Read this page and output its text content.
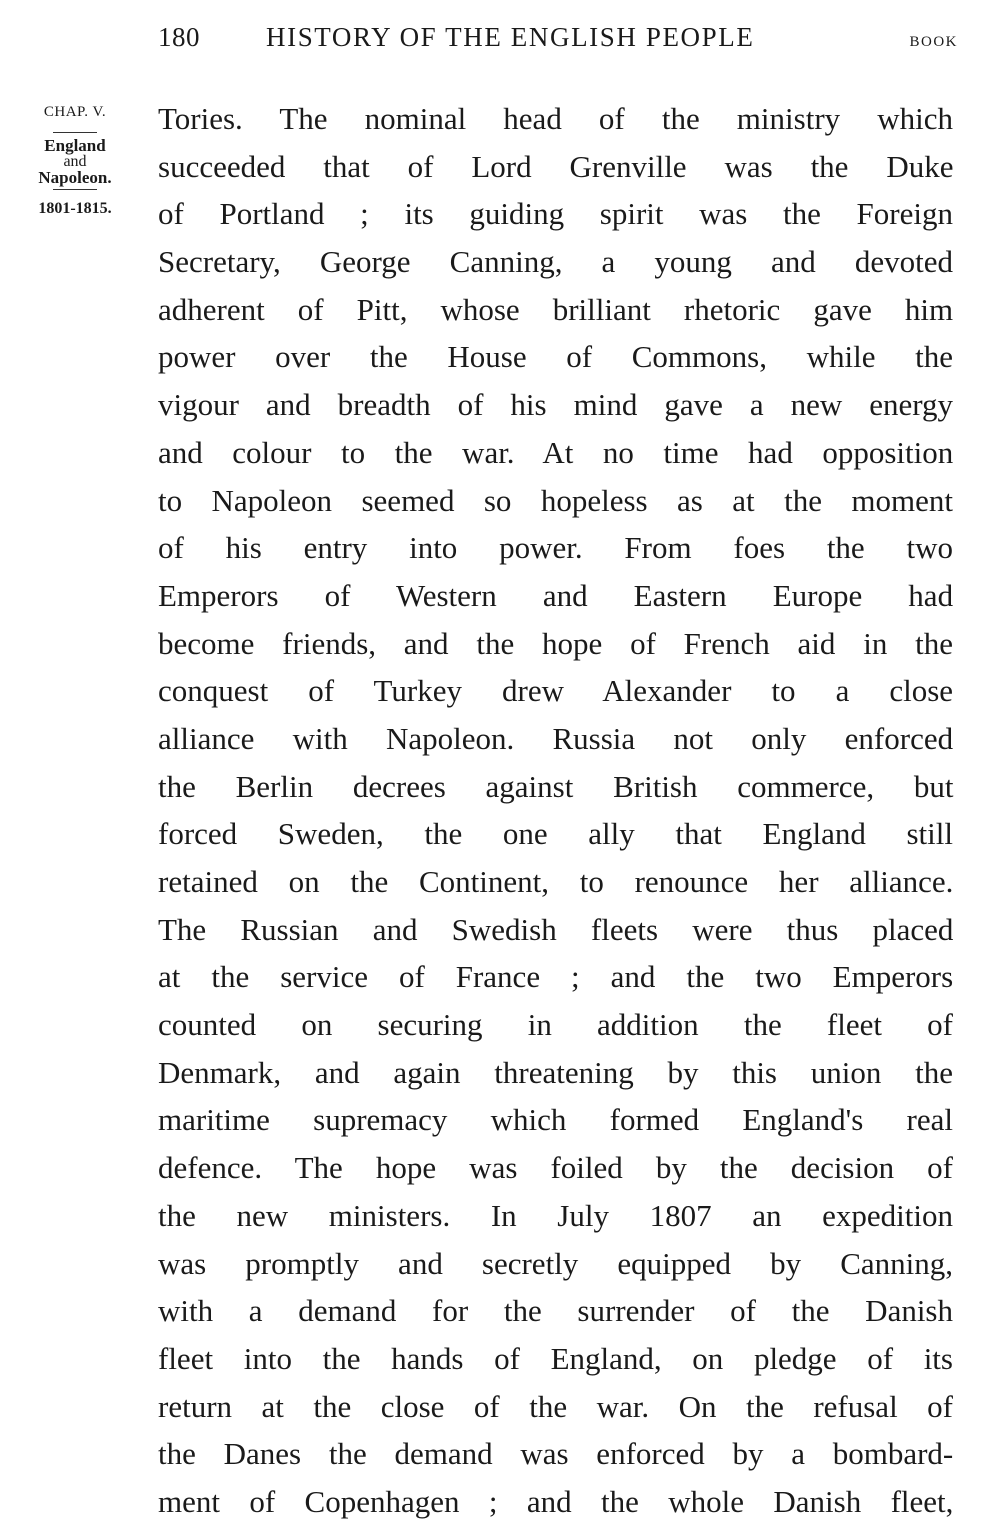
180 HISTORY OF THE ENGLISH PEOPLE	BOOK
CHAP. V.
England
and
Napoleon.
1801-1815.
Tories. The nominal head of the ministry which
succeeded that of Lord Grenville was the Duke
of Portland ; its guiding spirit was the Foreign
Secretary, George Canning, a young and devoted
adherent of Pitt, whose brilliant rhetoric gave him
power over the House of Commons, while the
vigour and breadth of his mind gave a new energy
and colour to the war. At no time had opposition
to Napoleon seemed so hopeless as at the moment
of his entry into power. From foes the two
Emperors of Western and Eastern Europe had
become friends, and the hope of French aid in the
conquest of Turkey drew Alexander to a close
alliance with Napoleon. Russia not only enforced
the Berlin decrees against British commerce, but
forced Sweden, the one ally that England still
retained on the Continent, to renounce her alliance.
The Russian and Swedish fleets were thus placed
at the service of France ; and the two Emperors
counted on securing in addition the fleet of
Denmark, and again threatening by this union the
maritime supremacy which formed England's real
defence. The hope was foiled by the decision of
the new ministers. In July 1807 an expedition
was promptly and secretly equipped by Canning,
with a demand for the surrender of the Danish
fleet into the hands of England, on pledge of its
return at the close of the war. On the refusal of
the Danes the demand was enforced by a bombard-
ment of Copenhagen ; and the whole Danish fleet,
